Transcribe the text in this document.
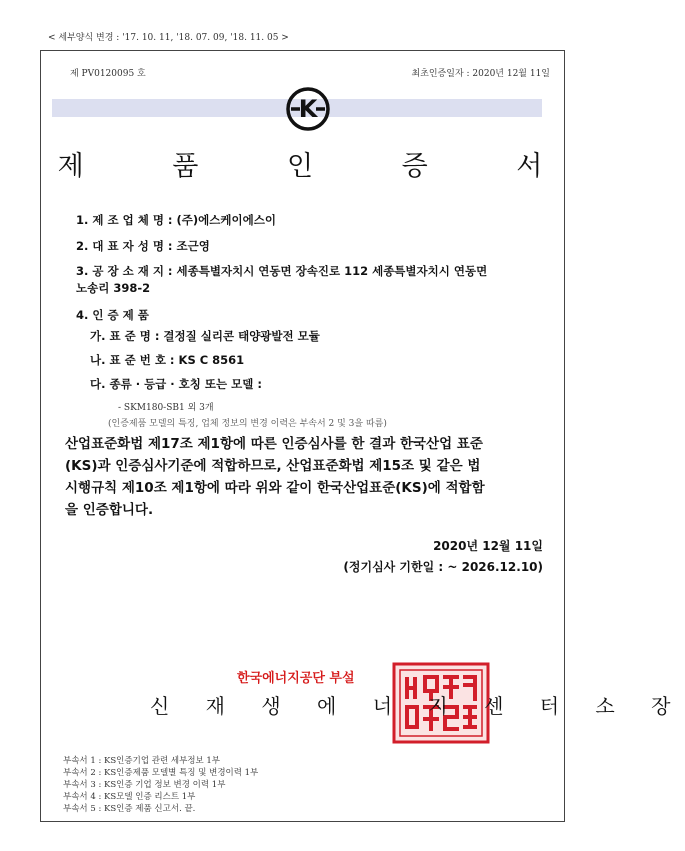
< 세부양식 변경 : '17. 10. 11, '18. 07. 09, '18. 11. 05 >
제 PV0120095 호	최초인증일자 : 2020년 12월 11일
K
제 품 인 증 서
1. 제 조 업 체 명 : (주)에스케이에스이
2. 대 표 자 성 명 : 조근영
3. 공 장 소 재 지 : 세종특별자치시 연동면 장속진로 112 세종특별자치시 연동면
노송리 398-2
4. 인 증 제 품
가. 표 준 명 : 결정질 실리콘 태양광발전 모듈
나. 표 준 번 호 : KS C 8561
다. 종류 · 등급 · 호칭 또는 모델 :
- SKM180-SB1 외 3개
(인증제품 모델의 특징, 업체 정보의 변경 이력은 부속서 2 및 3을 따름)

산업표준화법 제17조 제1항에 따른 인증심사를 한 결과 한국산업 표준

(KS)과 인증심사기준에 적합하므로, 산업표준화법 제15조 및 같은 법

시행규칙 제10조 제1항에 따라 위와 같이 한국산업표준(KS)에 적합함

을 인증합니다.

2020년 12월 11일
(정기심사 기한일 : ~ 2026.12.10)
한국에너지공단 부설
신 재 생 에 너 지 센 터 소 장
부속서 1 : KS인증기업 관련 세부정보 1부
부속서 2 : KS인증제품 모델별 특징 및 변경이력 1부
부속서 3 : KS인증 기업 정보 변경 이력 1부
부속서 4 : KS모델 인증 리스트 1부
부속서 5 : KS인증 제품 신고서. 끝.
